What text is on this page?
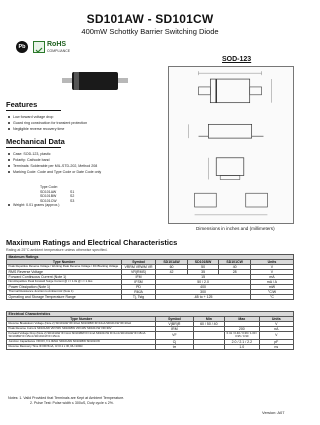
SD101AW - SD101CW
400mW Schottky Barrier Switching Diode
Pb	RoHS
COMPLIANCE
SOD-123
Features
Low forward voltage drop
Guard ring construction for transient protection
Negligible reverse recovery time
Mechanical Data
Case: SOD-123, plastic
Polarity: Cathode band
Terminals: Solderable per MIL-STD-202, Method 208
Marking Code: Code and Type Code or Date Code only
Type Code:
SD101AW	S1
SD101BW	S2
SD101CW	S3
Weight: 0.01 grams (approx.)
Dimensions in inches and (millimeters)
Maximum Ratings and Electrical Characteristics
Rating at 25°C ambient temperature unless otherwise specified.
Maximum Ratings					
Type Number	Symbol	SD101AW	SD101BW	SD101CW	Units
Peak Repetitive Reverse Voltage / Working Peak Reverse Voltage / DC Blocking Voltage	VRRM VRWM VR	60	50	40	V
RMS Reverse Voltage	VR(RMS)	42	35	28	V
Forward Continuous Current (Note 1)	IFM	15			mA
Non-Repetitive Peak Forward Surge Current @ t = 1.0s @ t = 1.0us	IFSM	50 / 2.0			mA / A
Power Dissipation (Note 1)	PD	400			mW
Thermal Resistance Junction to Ambient Air (Note 1)	RθJA	300			°C/W
Operating and Storage Temperature Range	Tj, Tstg	-65 to + 125			°C
Electrical Characteristics				
Type Number	Symbol	Min	Max	Units
Reverse Breakdown Voltage (Note 2) SD101AW IR=10uA SD101BW IR=10uA SD101CW IR=10uA	V(BR)R	60 / 50 / 40		V
Peak Reverse Current SD101AW VR=50V SD101BW VR=40V SD101CW VR=30V	IRM		200	nA
Forward Voltage Drop (Note 2) SD101AW IF=1mA SD101BW IF=1mA SD101CW IF=1mA SD101AW IF=15mA SD101BW IF=15mA SD101CW IF=15mA	VF		0.41 / 0.40 / 0.39 / 1.00 / 0.95 / 0.90	V
Junction Capacitance VR=0V, f=1.0MHz SD101AW SD101BW SD101CW	Cj		2.0 / 2.1 / 2.2	pF
Reverse Recovery Time IF=IR=5mA, Irr=0.1 x IR, RL=100Ω	trr		1.0	ns
Notes: 1. Valid Provided that Terminals are Kept at Ambient Temperature.
2. Pulse Test: Pulse width ≤ 300uS, Duty cycle ≤ 2%.
Version: A07
